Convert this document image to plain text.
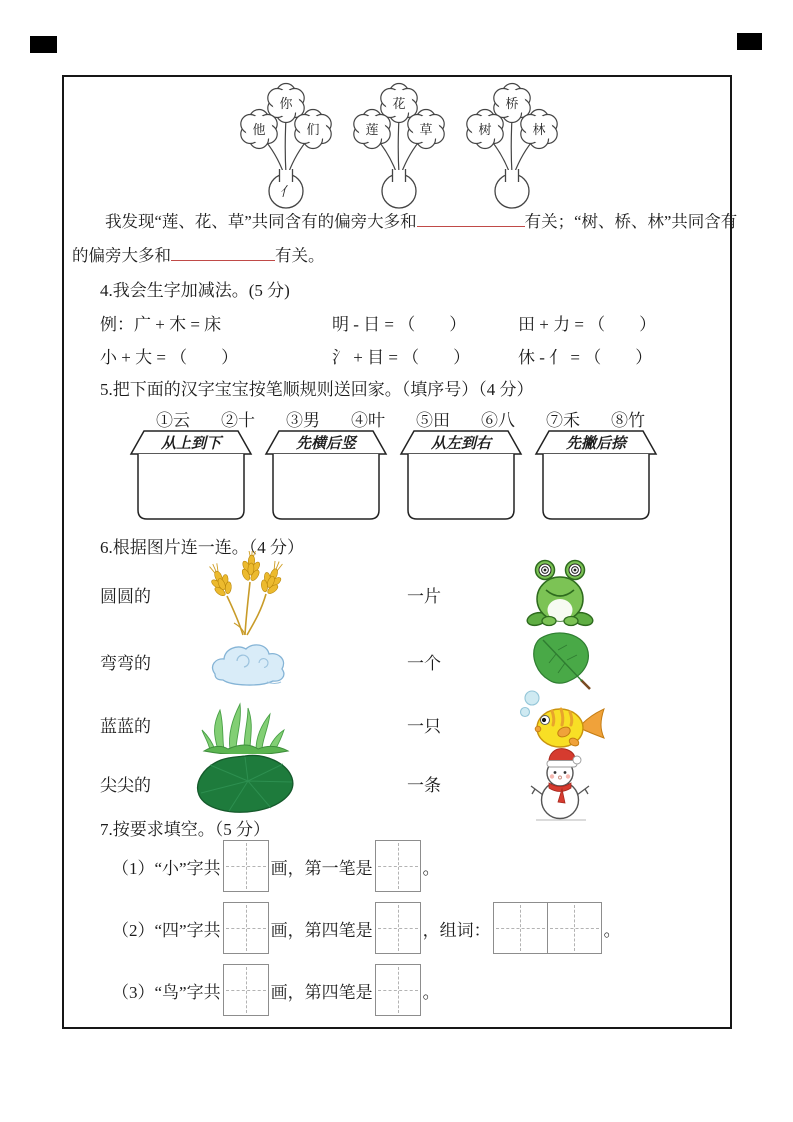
你
他	们
亻
花
莲	草
桥
树	林
我发现“莲、花、草”共同含有的偏旁大多和	有关；“树、桥、林”共同含有
的偏旁大多和	有关。
4.我会生字加减法。(5 分)
例：广 + 木 = 床	明 - 日 = （　　）	田 + 力 = （　　）
小 + 大 = （　　）	氵 + 目 = （　　）	休 - 亻 = （　　）
5.把下面的汉字宝宝按笔顺规则送回家。（填序号）（4 分）
①云 ②十 ③男 ④叶 ⑤田 ⑥八 ⑦禾 ⑧竹
从上到下	先横后竖	从左到右	先撇后捺
6.根据图片连一连。（4 分）
圆圆的	一片
弯弯的	一个
蓝蓝的	一只
尖尖的	一条
7.按要求填空。（5 分）
（1）“小”字共	画，第一笔是	。
（2）“四”字共	画，第四笔是	，组词：	。
（3）“鸟”字共	画，第四笔是	。
